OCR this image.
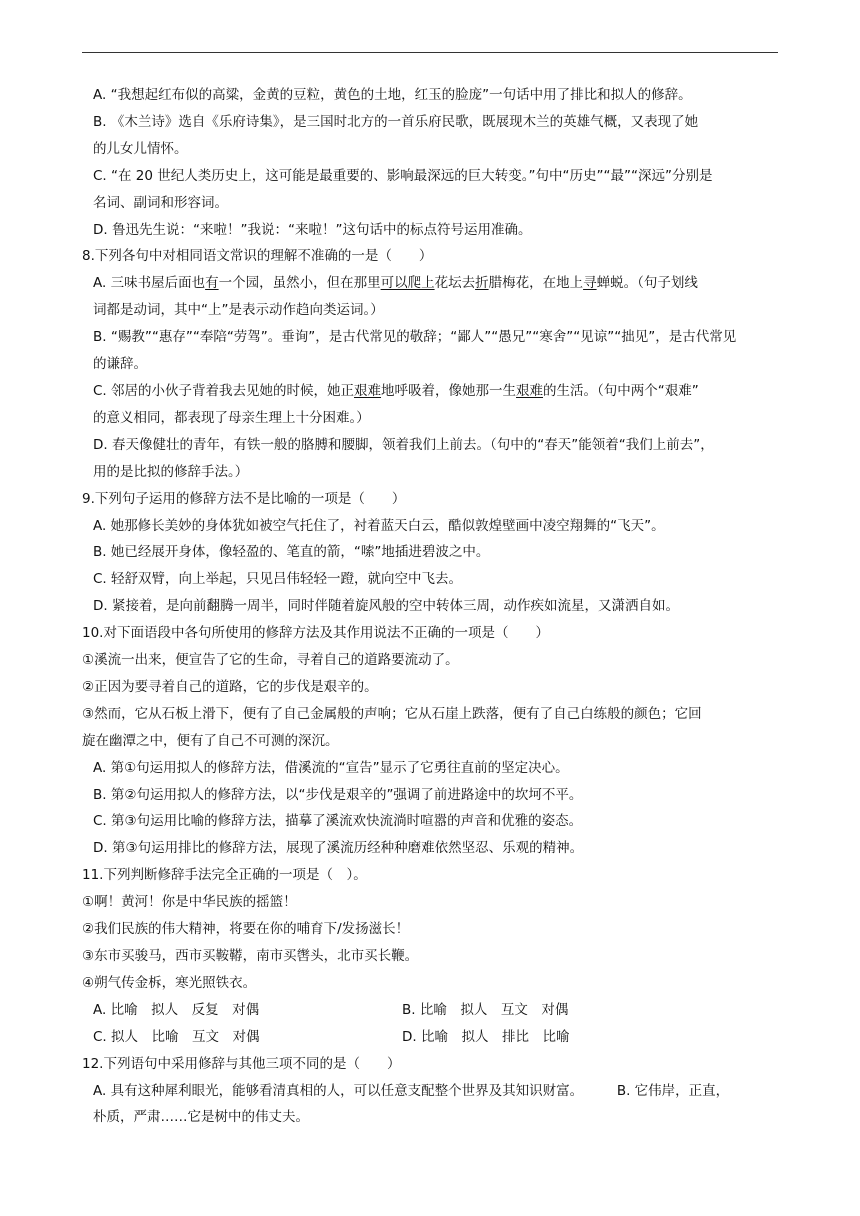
A. “我想起红布似的高粱，金黄的豆粒，黄色的土地，红玉的脸庞”一句话中用了排比和拟人的修辞。
B. 《木兰诗》选自《乐府诗集》，是三国时北方的一首乐府民歌，既展现木兰的英雄气概，又表现了她
的儿女儿情怀。
C. “在 20 世纪人类历史上，这可能是最重要的、影响最深远的巨大转变。”句中“历史”“最”“深远”分别是
名词、副词和形容词。
D. 鲁迅先生说：“来啦！”我说：“来啦！”这句话中的标点符号运用准确。
8.下列各句中对相同语文常识的理解不准确的一是（　　）
A. 三味书屋后面也有一个园，虽然小，但在那里可以爬上花坛去折腊梅花，在地上寻蝉蜕。（句子划线
词都是动词，其中“上”是表示动作趋向类运词。）
B. “赐教”“惠存”“奉陪“劳驾”。垂询”，是古代常见的敬辞；“鄙人”“愚兄”“寒舍”“见谅”“拙见”，是古代常见
的谦辞。
C. 邻居的小伙子背着我去见她的时候，她正艰难地呼吸着，像她那一生艰难的生活。（句中两个“艰难”
的意义相同，都表现了母亲生理上十分困难。）
D. 春天像健壮的青年，有铁一般的胳膊和腰脚，领着我们上前去。（句中的“春天”能领着“我们上前去”，
用的是比拟的修辞手法。）
9.下列句子运用的修辞方法不是比喻的一项是（　　）
A. 她那修长美妙的身体犹如被空气托住了，衬着蓝天白云，酷似敦煌壁画中凌空翔舞的“飞天”。
B. 她已经展开身体，像轻盈的、笔直的箭，“嗦”地插进碧波之中。
C. 轻舒双臂，向上举起，只见吕伟轻轻一蹬，就向空中飞去。
D. 紧接着，是向前翻腾一周半，同时伴随着旋风般的空中转体三周，动作疾如流星，又潇洒自如。
10.对下面语段中各句所使用的修辞方法及其作用说法不正确的一项是（　　）
①溪流一出来，便宣告了它的生命，寻着自己的道路要流动了。
②正因为要寻着自己的道路，它的步伐是艰辛的。
③然而，它从石板上滑下，便有了自己金属般的声响；它从石崖上跌落，便有了自己白练般的颜色；它回
旋在幽潭之中，便有了自己不可测的深沉。
A. 第①句运用拟人的修辞方法，借溪流的“宣告”显示了它勇往直前的坚定决心。
B. 第②句运用拟人的修辞方法，以“步伐是艰辛的”强调了前进路途中的坎坷不平。
C. 第③句运用比喻的修辞方法，描摹了溪流欢快流淌时喧嚣的声音和优雅的姿态。
D. 第③句运用排比的修辞方法，展现了溪流历经种种磨难依然坚忍、乐观的精神。
11.下列判断修辞手法完全正确的一项是（　）。
①啊！黄河！你是中华民族的摇篮！
②我们民族的伟大精神，将要在你的哺育下/发扬滋长！
③东市买骏马，西市买鞍鞯，南市买辔头，北市买长鞭。
④朔气传金柝，寒光照铁衣。
A. 比喻　拟人　反复　对偶	B. 比喻　拟人　互文　对偶
C. 拟人　比喻　互文　对偶	D. 比喻　拟人　排比　比喻
12.下列语句中采用修辞与其他三项不同的是（　　）
A. 具有这种犀利眼光，能够看清真相的人，可以任意支配整个世界及其知识财富。　　　B. 它伟岸，正直，
朴质，严肃……它是树中的伟丈夫。
